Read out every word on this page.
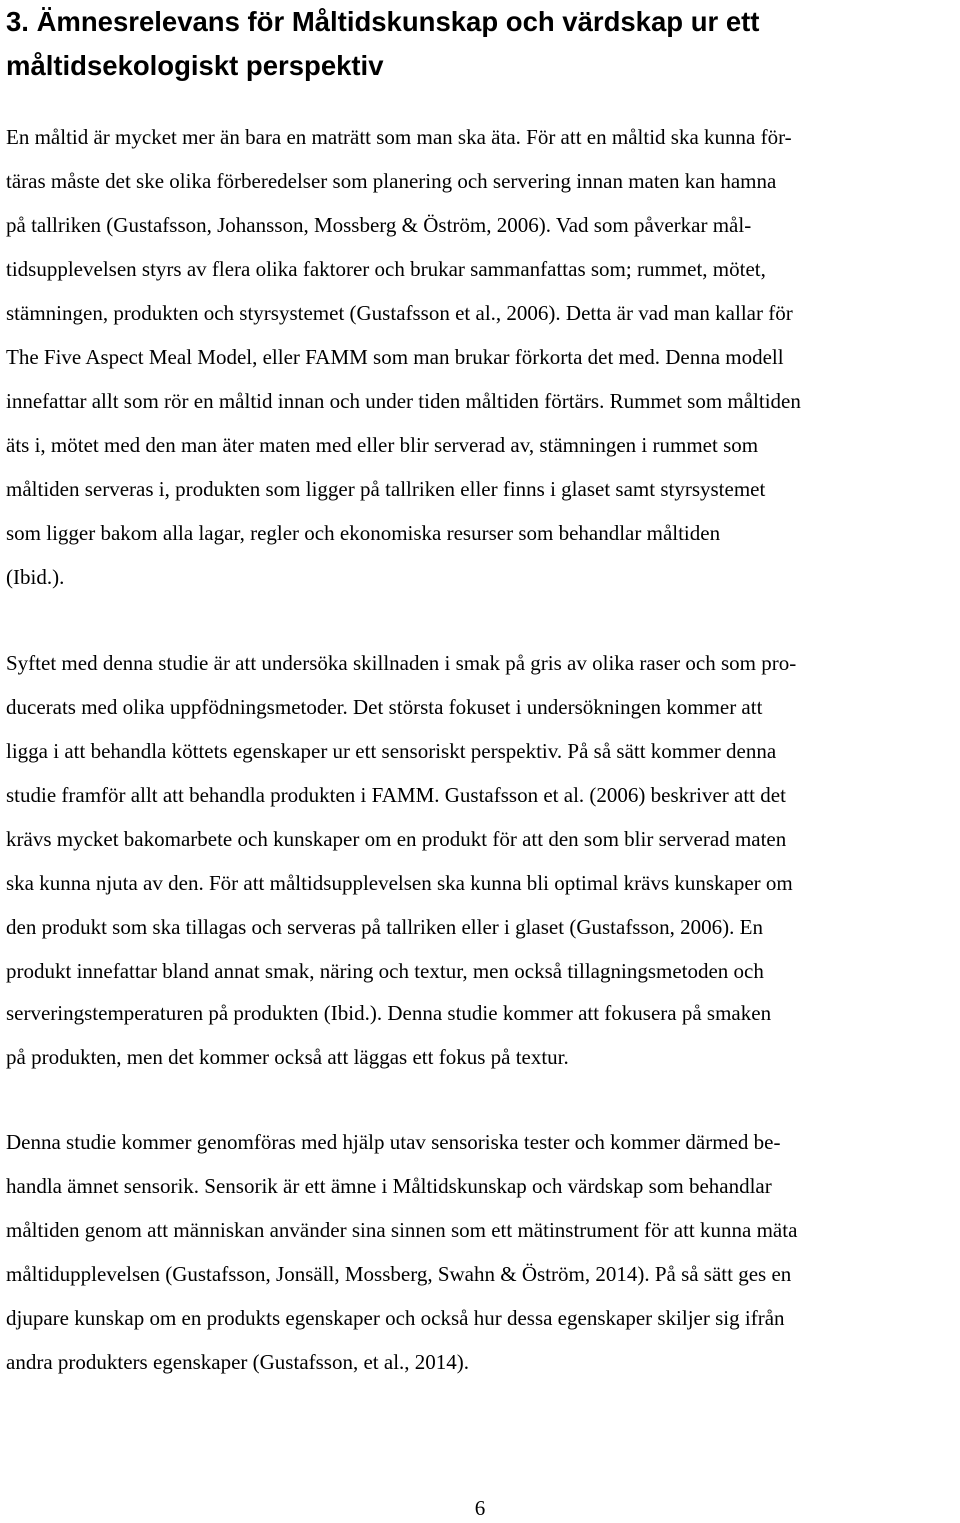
3. Ämnesrelevans för Måltidskunskap och värdskap ur ett
måltidsekologiskt perspektiv

En måltid är mycket mer än bara en maträtt som man ska äta. För att en måltid ska kunna för-

täras måste det ske olika förberedelser som planering och servering innan maten kan hamna

på tallriken (Gustafsson, Johansson, Mossberg & Öström, 2006). Vad som påverkar mål-

tidsupplevelsen styrs av flera olika faktorer och brukar sammanfattas som; rummet, mötet,

stämningen, produkten och styrsystemet (Gustafsson et al., 2006). Detta är vad man kallar för

The Five Aspect Meal Model, eller FAMM som man brukar förkorta det med. Denna modell

innefattar allt som rör en måltid innan och under tiden måltiden förtärs. Rummet som måltiden

äts i, mötet med den man äter maten med eller blir serverad av, stämningen i rummet som

måltiden serveras i, produkten som ligger på tallriken eller finns i glaset samt styrsystemet

som ligger bakom alla lagar, regler och ekonomiska resurser som behandlar måltiden

(Ibid.).

Syftet med denna studie är att undersöka skillnaden i smak på gris av olika raser och som pro-

ducerats med olika uppfödningsmetoder. Det största fokuset i undersökningen kommer att

ligga i att behandla köttets egenskaper ur ett sensoriskt perspektiv. På så sätt kommer denna

studie framför allt att behandla produkten i FAMM. Gustafsson et al. (2006) beskriver att det

krävs mycket bakomarbete och kunskaper om en produkt för att den som blir serverad maten

ska kunna njuta av den. För att måltidsupplevelsen ska kunna bli optimal krävs kunskaper om

den produkt som ska tillagas och serveras på tallriken eller i glaset (Gustafsson, 2006). En

produkt innefattar bland annat smak, näring och textur, men också tillagningsmetoden och

serveringstemperaturen på produkten (Ibid.). Denna studie kommer att fokusera på smaken

på produkten, men det kommer också att läggas ett fokus på textur.

Denna studie kommer genomföras med hjälp utav sensoriska tester och kommer därmed be-

handla ämnet sensorik. Sensorik är ett ämne i Måltidskunskap och värdskap som behandlar

måltiden genom att människan använder sina sinnen som ett mätinstrument för att kunna mäta

måltidupplevelsen (Gustafsson, Jonsäll, Mossberg, Swahn & Öström, 2014). På så sätt ges en

djupare kunskap om en produkts egenskaper och också hur dessa egenskaper skiljer sig ifrån

andra produkters egenskaper (Gustafsson, et al., 2014).

6
